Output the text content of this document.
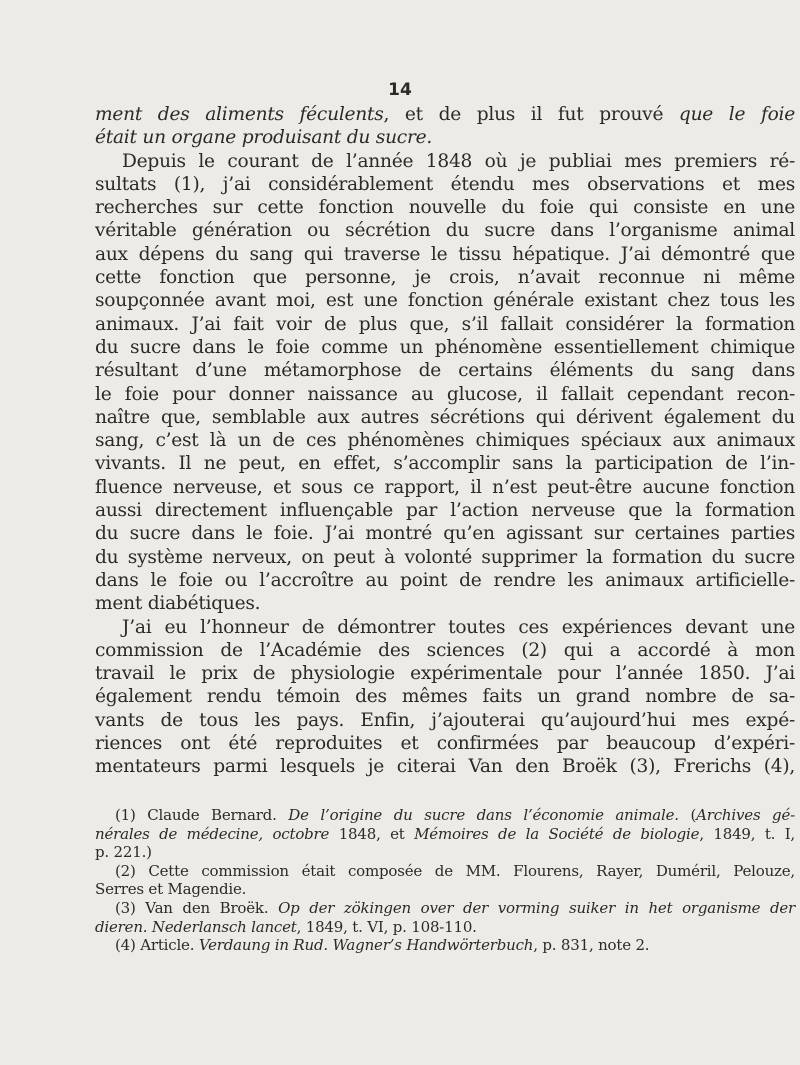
14
ment des aliments féculents, et de plus il fut prouvé que le foie
était un organe produisant du sucre.
Depuis le courant de l’année 1848 où je publiai mes premiers ré-
sultats (1), j’ai considérablement étendu mes observations et mes
recherches sur cette fonction nouvelle du foie qui consiste en une
véritable génération ou sécrétion du sucre dans l’organisme animal
aux dépens du sang qui traverse le tissu hépatique. J’ai démontré que
cette fonction que personne, je crois, n’avait reconnue ni même
soupçonnée avant moi, est une fonction générale existant chez tous les
animaux. J’ai fait voir de plus que, s’il fallait considérer la formation
du sucre dans le foie comme un phénomène essentiellement chimique
résultant d’une métamorphose de certains éléments du sang dans
le foie pour donner naissance au glucose, il fallait cependant recon-
naître que, semblable aux autres sécrétions qui dérivent également du
sang, c’est là un de ces phénomènes chimiques spéciaux aux animaux
vivants. Il ne peut, en effet, s’accomplir sans la participation de l’in-
fluence nerveuse, et sous ce rapport, il n’est peut-être aucune fonction
aussi directement influençable par l’action nerveuse que la formation
du sucre dans le foie. J’ai montré qu’en agissant sur certaines parties
du système nerveux, on peut à volonté supprimer la formation du sucre
dans le foie ou l’accroître au point de rendre les animaux artificielle-
ment diabétiques.
J’ai eu l’honneur de démontrer toutes ces expériences devant une
commission de l’Académie des sciences (2) qui a accordé à mon
travail le prix de physiologie expérimentale pour l’année 1850. J’ai
également rendu témoin des mêmes faits un grand nombre de sa-
vants de tous les pays. Enfin, j’ajouterai qu’aujourd’hui mes expé-
riences ont été reproduites et confirmées par beaucoup d’expéri-
mentateurs parmi lesquels je citerai Van den Broëk (3), Frerichs (4),
(1) Claude Bernard. De l’origine du sucre dans l’économie animale. (Archives gé-
nérales de médecine, octobre 1848, et Mémoires de la Société de biologie, 1849, t. I,
p. 221.)
(2) Cette commission était composée de MM. Flourens, Rayer, Duméril, Pelouze,
Serres et Magendie.
(3) Van den Broëk. Op der zökingen over der vorming suiker in het organisme der
dieren. Nederlansch lancet, 1849, t. VI, p. 108-110.
(4) Article. Verdaung in Rud. Wagner’s Handwörterbuch, p. 831, note 2.
